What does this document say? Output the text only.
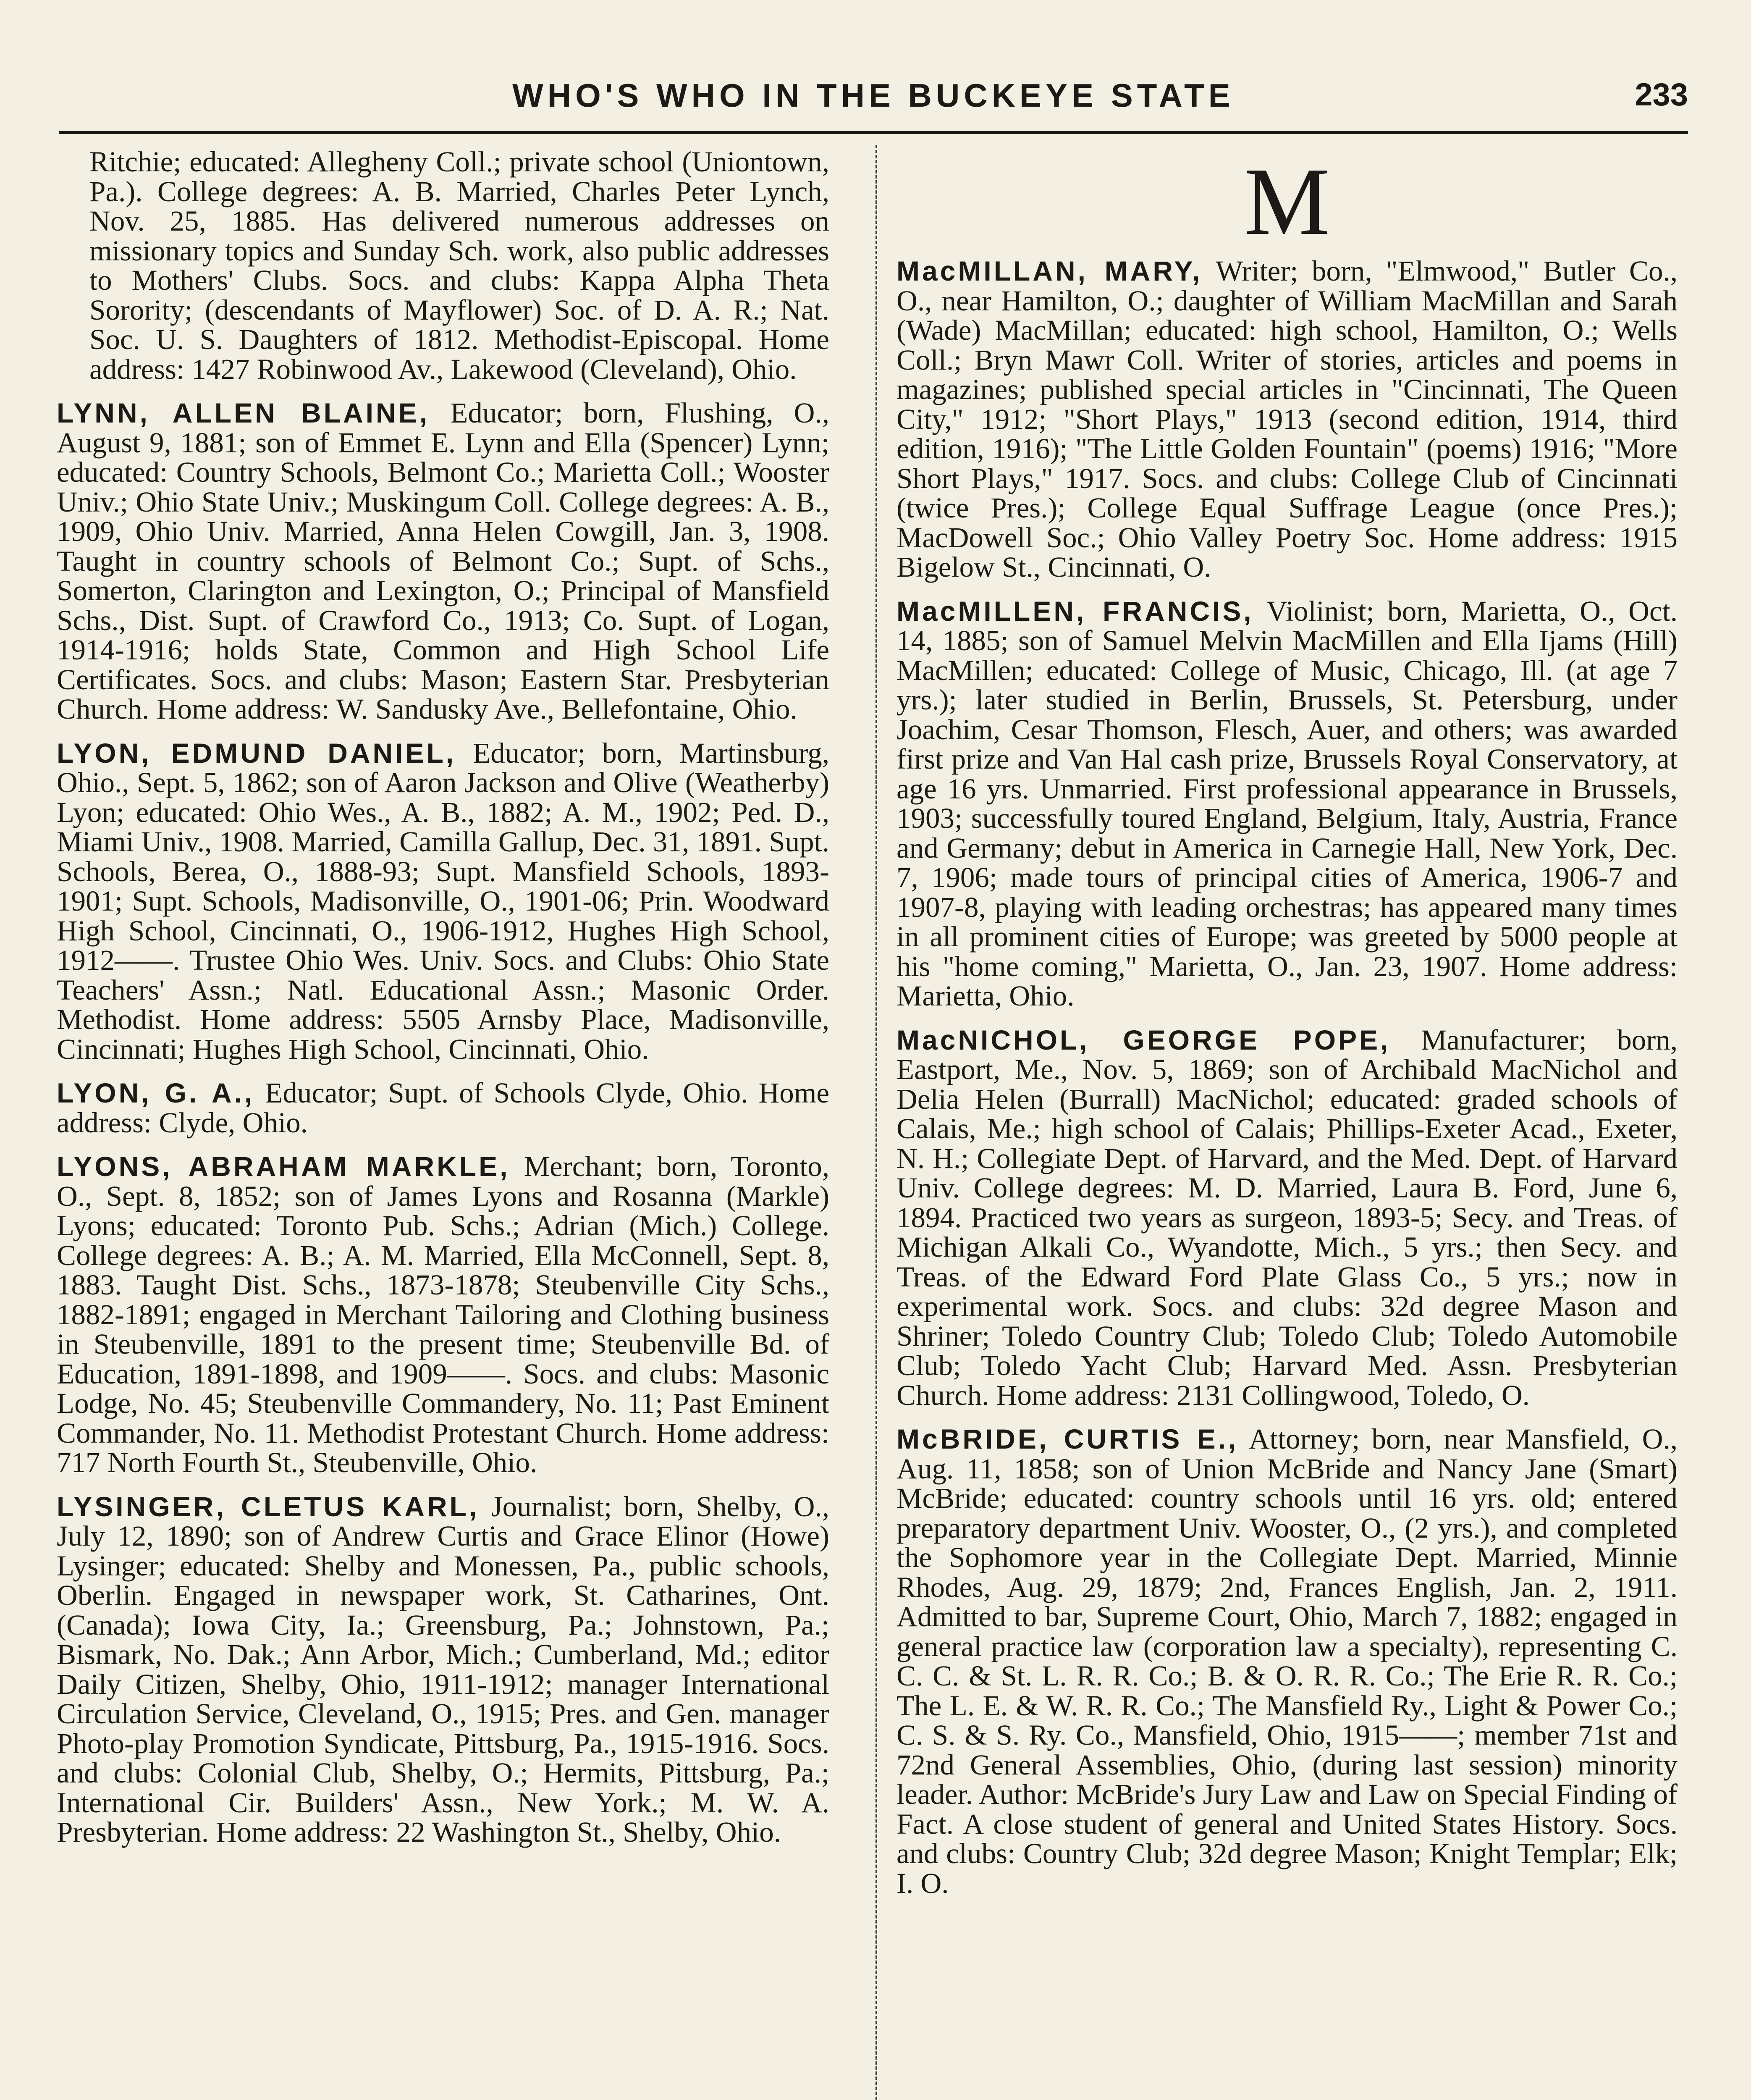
WHO'S WHO IN THE BUCKEYE STATE	233
Ritchie; educated: Allegheny Coll.; private school (Uniontown, Pa.). College degrees: A. B. Married, Charles Peter Lynch, Nov. 25, 1885. Has delivered numerous addresses on missionary topics and Sunday Sch. work, also public addresses to Mothers' Clubs. Socs. and clubs: Kappa Alpha Theta Sorority; (descendants of Mayflower) Soc. of D. A. R.; Nat. Soc. U. S. Daughters of 1812. Methodist-Episcopal. Home address: 1427 Robinwood Av., Lakewood (Cleveland), Ohio.
LYNN, ALLEN BLAINE, Educator; born, Flushing, O., August 9, 1881; son of Emmet E. Lynn and Ella (Spencer) Lynn; educated: Country Schools, Belmont Co.; Marietta Coll.; Wooster Univ.; Ohio State Univ.; Muskingum Coll. College degrees: A. B., 1909, Ohio Univ. Married, Anna Helen Cowgill, Jan. 3, 1908. Taught in country schools of Belmont Co.; Supt. of Schs., Somerton, Clarington and Lexington, O.; Principal of Mansfield Schs., Dist. Supt. of Crawford Co., 1913; Co. Supt. of Logan, 1914-1916; holds State, Common and High School Life Certificates. Socs. and clubs: Mason; Eastern Star. Presbyterian Church. Home address: W. Sandusky Ave., Bellefontaine, Ohio.
LYON, EDMUND DANIEL, Educator; born, Martinsburg, Ohio., Sept. 5, 1862; son of Aaron Jackson and Olive (Weatherby) Lyon; educated: Ohio Wes., A. B., 1882; A. M., 1902; Ped. D., Miami Univ., 1908. Married, Camilla Gallup, Dec. 31, 1891. Supt. Schools, Berea, O., 1888-93; Supt. Mansfield Schools, 1893-1901; Supt. Schools, Madisonville, O., 1901-06; Prin. Woodward High School, Cincinnati, O., 1906-1912, Hughes High School, 1912——. Trustee Ohio Wes. Univ. Socs. and Clubs: Ohio State Teachers' Assn.; Natl. Educational Assn.; Masonic Order. Methodist. Home address: 5505 Arnsby Place, Madisonville, Cincinnati; Hughes High School, Cincinnati, Ohio.
LYON, G. A., Educator; Supt. of Schools Clyde, Ohio. Home address: Clyde, Ohio.
LYONS, ABRAHAM MARKLE, Merchant; born, Toronto, O., Sept. 8, 1852; son of James Lyons and Rosanna (Markle) Lyons; educated: Toronto Pub. Schs.; Adrian (Mich.) College. College degrees: A. B.; A. M. Married, Ella McConnell, Sept. 8, 1883. Taught Dist. Schs., 1873-1878; Steubenville City Schs., 1882-1891; engaged in Merchant Tailoring and Clothing business in Steubenville, 1891 to the present time; Steubenville Bd. of Education, 1891-1898, and 1909——. Socs. and clubs: Masonic Lodge, No. 45; Steubenville Commandery, No. 11; Past Eminent Commander, No. 11. Methodist Protestant Church. Home address: 717 North Fourth St., Steubenville, Ohio.
LYSINGER, CLETUS KARL, Journalist; born, Shelby, O., July 12, 1890; son of Andrew Curtis and Grace Elinor (Howe) Lysinger; educated: Shelby and Monessen, Pa., public schools, Oberlin. Engaged in newspaper work, St. Catharines, Ont. (Canada); Iowa City, Ia.; Greensburg, Pa.; Johnstown, Pa.; Bismark, No. Dak.; Ann Arbor, Mich.; Cumberland, Md.; editor Daily Citizen, Shelby, Ohio, 1911-1912; manager International Circulation Service, Cleveland, O., 1915; Pres. and Gen. manager Photo-play Promotion Syndicate, Pittsburg, Pa., 1915-1916. Socs. and clubs: Colonial Club, Shelby, O.; Hermits, Pittsburg, Pa.; International Cir. Builders' Assn., New York.; M. W. A. Presbyterian. Home address: 22 Washington St., Shelby, Ohio.
M
MacMILLAN, MARY, Writer; born, "Elmwood," Butler Co., O., near Hamilton, O.; daughter of William MacMillan and Sarah (Wade) MacMillan; educated: high school, Hamilton, O.; Wells Coll.; Bryn Mawr Coll. Writer of stories, articles and poems in magazines; published special articles in "Cincinnati, The Queen City," 1912; "Short Plays," 1913 (second edition, 1914, third edition, 1916); "The Little Golden Fountain" (poems) 1916; "More Short Plays," 1917. Socs. and clubs: College Club of Cincinnati (twice Pres.); College Equal Suffrage League (once Pres.); MacDowell Soc.; Ohio Valley Poetry Soc. Home address: 1915 Bigelow St., Cincinnati, O.
MacMILLEN, FRANCIS, Violinist; born, Marietta, O., Oct. 14, 1885; son of Samuel Melvin MacMillen and Ella Ijams (Hill) MacMillen; educated: College of Music, Chicago, Ill. (at age 7 yrs.); later studied in Berlin, Brussels, St. Petersburg, under Joachim, Cesar Thomson, Flesch, Auer, and others; was awarded first prize and Van Hal cash prize, Brussels Royal Conservatory, at age 16 yrs. Unmarried. First professional appearance in Brussels, 1903; successfully toured England, Belgium, Italy, Austria, France and Germany; debut in America in Carnegie Hall, New York, Dec. 7, 1906; made tours of principal cities of America, 1906-7 and 1907-8, playing with leading orchestras; has appeared many times in all prominent cities of Europe; was greeted by 5000 people at his "home coming," Marietta, O., Jan. 23, 1907. Home address: Marietta, Ohio.
MacNICHOL, GEORGE POPE, Manufacturer; born, Eastport, Me., Nov. 5, 1869; son of Archibald MacNichol and Delia Helen (Burrall) MacNichol; educated: graded schools of Calais, Me.; high school of Calais; Phillips-Exeter Acad., Exeter, N. H.; Collegiate Dept. of Harvard, and the Med. Dept. of Harvard Univ. College degrees: M. D. Married, Laura B. Ford, June 6, 1894. Practiced two years as surgeon, 1893-5; Secy. and Treas. of Michigan Alkali Co., Wyandotte, Mich., 5 yrs.; then Secy. and Treas. of the Edward Ford Plate Glass Co., 5 yrs.; now in experimental work. Socs. and clubs: 32d degree Mason and Shriner; Toledo Country Club; Toledo Club; Toledo Automobile Club; Toledo Yacht Club; Harvard Med. Assn. Presbyterian Church. Home address: 2131 Collingwood, Toledo, O.
McBRIDE, CURTIS E., Attorney; born, near Mansfield, O., Aug. 11, 1858; son of Union McBride and Nancy Jane (Smart) McBride; educated: country schools until 16 yrs. old; entered preparatory department Univ. Wooster, O., (2 yrs.), and completed the Sophomore year in the Collegiate Dept. Married, Minnie Rhodes, Aug. 29, 1879; 2nd, Frances English, Jan. 2, 1911. Admitted to bar, Supreme Court, Ohio, March 7, 1882; engaged in general practice law (corporation law a specialty), representing C. C. C. & St. L. R. R. Co.; B. & O. R. R. Co.; The Erie R. R. Co.; The L. E. & W. R. R. Co.; The Mansfield Ry., Light & Power Co.; C. S. & S. Ry. Co., Mansfield, Ohio, 1915——; member 71st and 72nd General Assemblies, Ohio, (during last session) minority leader. Author: McBride's Jury Law and Law on Special Finding of Fact. A close student of general and United States History. Socs. and clubs: Country Club; 32d degree Mason; Knight Templar; Elk; I. O.
